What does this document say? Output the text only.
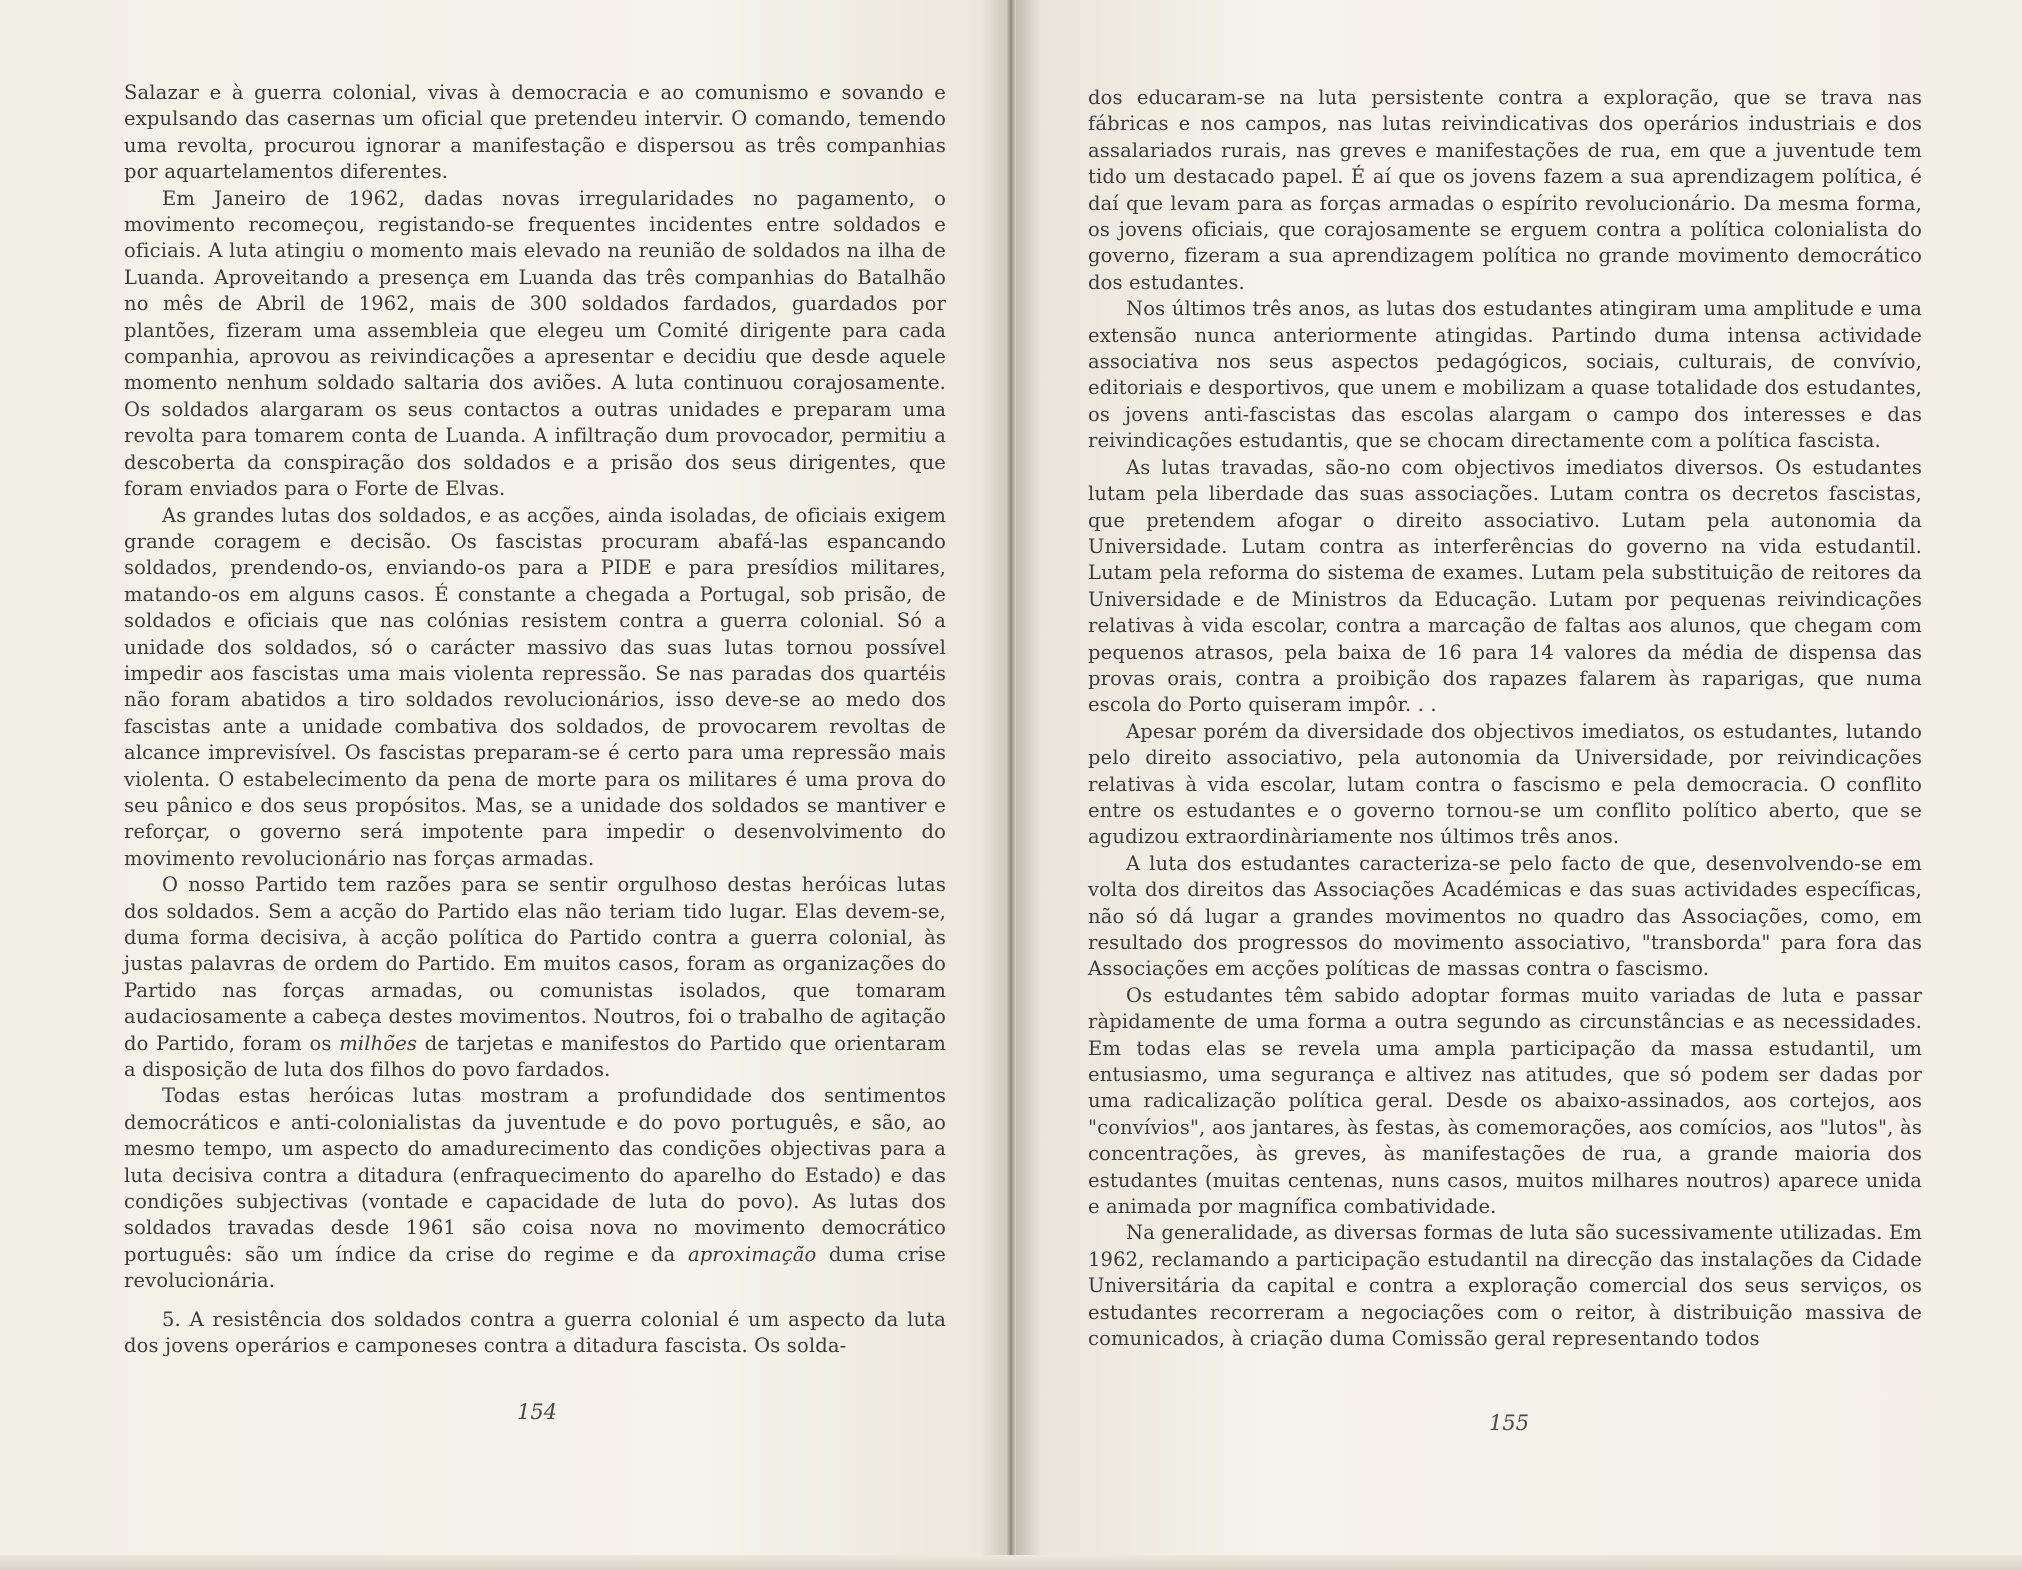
Salazar e à guerra colonial, vivas à democracia e ao comunismo e sovando e expulsando das casernas um oficial que pretendeu intervir. O comando, temendo uma revolta, procurou ignorar a manifestação e dispersou as três companhias por aquartelamentos diferentes.

Em Janeiro de 1962, dadas novas irregularidades no pagamento, o movimento recomeçou, registando-se frequentes incidentes entre soldados e oficiais. A luta atingiu o momento mais elevado na reunião de soldados na ilha de Luanda. Aproveitando a presença em Luanda das três companhias do Batalhão no mês de Abril de 1962, mais de 300 soldados fardados, guardados por plantões, fizeram uma assembleia que elegeu um Comité dirigente para cada companhia, aprovou as reivindicações a apresentar e decidiu que desde aquele momento nenhum soldado saltaria dos aviões. A luta continuou corajosamente. Os soldados alargaram os seus contactos a outras unidades e preparam uma revolta para tomarem conta de Luanda. A infiltração dum provocador, permitiu a descoberta da conspiração dos soldados e a prisão dos seus dirigentes, que foram enviados para o Forte de Elvas.

As grandes lutas dos soldados, e as acções, ainda isoladas, de oficiais exigem grande coragem e decisão. Os fascistas procuram abafá-las espancando soldados, prendendo-os, enviando-os para a PIDE e para presídios militares, matando-os em alguns casos. É constante a chegada a Portugal, sob prisão, de soldados e oficiais que nas colónias resistem contra a guerra colonial. Só a unidade dos soldados, só o carácter massivo das suas lutas tornou possível impedir aos fascistas uma mais violenta repressão. Se nas paradas dos quartéis não foram abatidos a tiro soldados revolucionários, isso deve-se ao medo dos fascistas ante a unidade combativa dos soldados, de provocarem revoltas de alcance imprevisível. Os fascistas preparam-se é certo para uma repressão mais violenta. O estabelecimento da pena de morte para os militares é uma prova do seu pânico e dos seus propósitos. Mas, se a unidade dos soldados se mantiver e reforçar, o governo será impotente para impedir o desenvolvimento do movimento revolucionário nas forças armadas.

O nosso Partido tem razões para se sentir orgulhoso destas heróicas lutas dos soldados. Sem a acção do Partido elas não teriam tido lugar. Elas devem-se, duma forma decisiva, à acção política do Partido contra a guerra colonial, às justas palavras de ordem do Partido. Em muitos casos, foram as organizações do Partido nas forças armadas, ou comunistas isolados, que tomaram audaciosamente a cabeça destes movimentos. Noutros, foi o trabalho de agitação do Partido, foram os milhões de tarjetas e manifestos do Partido que orientaram a disposição de luta dos filhos do povo fardados.

Todas estas heróicas lutas mostram a profundidade dos sentimentos democráticos e anti-colonialistas da juventude e do povo português, e são, ao mesmo tempo, um aspecto do amadurecimento das condições objectivas para a luta decisiva contra a ditadura (enfraquecimento do aparelho do Estado) e das condições subjectivas (vontade e capacidade de luta do povo). As lutas dos soldados travadas desde 1961 são coisa nova no movimento democrático português: são um índice da crise do regime e da aproximação duma crise revolucionária.

5. A resistência dos soldados contra a guerra colonial é um aspecto da luta dos jovens operários e camponeses contra a ditadura fascista. Os solda-

154

dos educaram-se na luta persistente contra a exploração, que se trava nas fábricas e nos campos, nas lutas reivindicativas dos operários industriais e dos assalariados rurais, nas greves e manifestações de rua, em que a juventude tem tido um destacado papel. É aí que os jovens fazem a sua aprendizagem política, é daí que levam para as forças armadas o espírito revolucionário. Da mesma forma, os jovens oficiais, que corajosamente se erguem contra a política colonialista do governo, fizeram a sua aprendizagem política no grande movimento democrático dos estudantes.

Nos últimos três anos, as lutas dos estudantes atingiram uma amplitude e uma extensão nunca anteriormente atingidas. Partindo duma intensa actividade associativa nos seus aspectos pedagógicos, sociais, culturais, de convívio, editoriais e desportivos, que unem e mobilizam a quase totalidade dos estudantes, os jovens anti-fascistas das escolas alargam o campo dos interesses e das reivindicações estudantis, que se chocam directamente com a política fascista.

As lutas travadas, são-no com objectivos imediatos diversos. Os estudantes lutam pela liberdade das suas associações. Lutam contra os decretos fascistas, que pretendem afogar o direito associativo. Lutam pela autonomia da Universidade. Lutam contra as interferências do governo na vida estudantil. Lutam pela reforma do sistema de exames. Lutam pela substituição de reitores da Universidade e de Ministros da Educação. Lutam por pequenas reivindicações relativas à vida escolar, contra a marcação de faltas aos alunos, que chegam com pequenos atrasos, pela baixa de 16 para 14 valores da média de dispensa das provas orais, contra a proibição dos rapazes falarem às raparigas, que numa escola do Porto quiseram impôr. . .

Apesar porém da diversidade dos objectivos imediatos, os estudantes, lutando pelo direito associativo, pela autonomia da Universidade, por reivindicações relativas à vida escolar, lutam contra o fascismo e pela democracia. O conflito entre os estudantes e o governo tornou-se um conflito político aberto, que se agudizou extraordinàriamente nos últimos três anos.

A luta dos estudantes caracteriza-se pelo facto de que, desenvolvendo-se em volta dos direitos das Associações Académicas e das suas actividades específicas, não só dá lugar a grandes movimentos no quadro das Associações, como, em resultado dos progressos do movimento associativo, "transborda" para fora das Associações em acções políticas de massas contra o fascismo.

Os estudantes têm sabido adoptar formas muito variadas de luta e passar ràpidamente de uma forma a outra segundo as circunstâncias e as necessidades. Em todas elas se revela uma ampla participação da massa estudantil, um entusiasmo, uma segurança e altivez nas atitudes, que só podem ser dadas por uma radicalização política geral. Desde os abaixo-assinados, aos cortejos, aos "convívios", aos jantares, às festas, às comemorações, aos comícios, aos "lutos", às concentrações, às greves, às manifestações de rua, a grande maioria dos estudantes (muitas centenas, nuns casos, muitos milhares noutros) aparece unida e animada por magnífica combatividade.

Na generalidade, as diversas formas de luta são sucessivamente utilizadas. Em 1962, reclamando a participação estudantil na direcção das instalações da Cidade Universitária da capital e contra a exploração comercial dos seus serviços, os estudantes recorreram a negociações com o reitor, à distribuição massiva de comunicados, à criação duma Comissão geral representando todos

155
